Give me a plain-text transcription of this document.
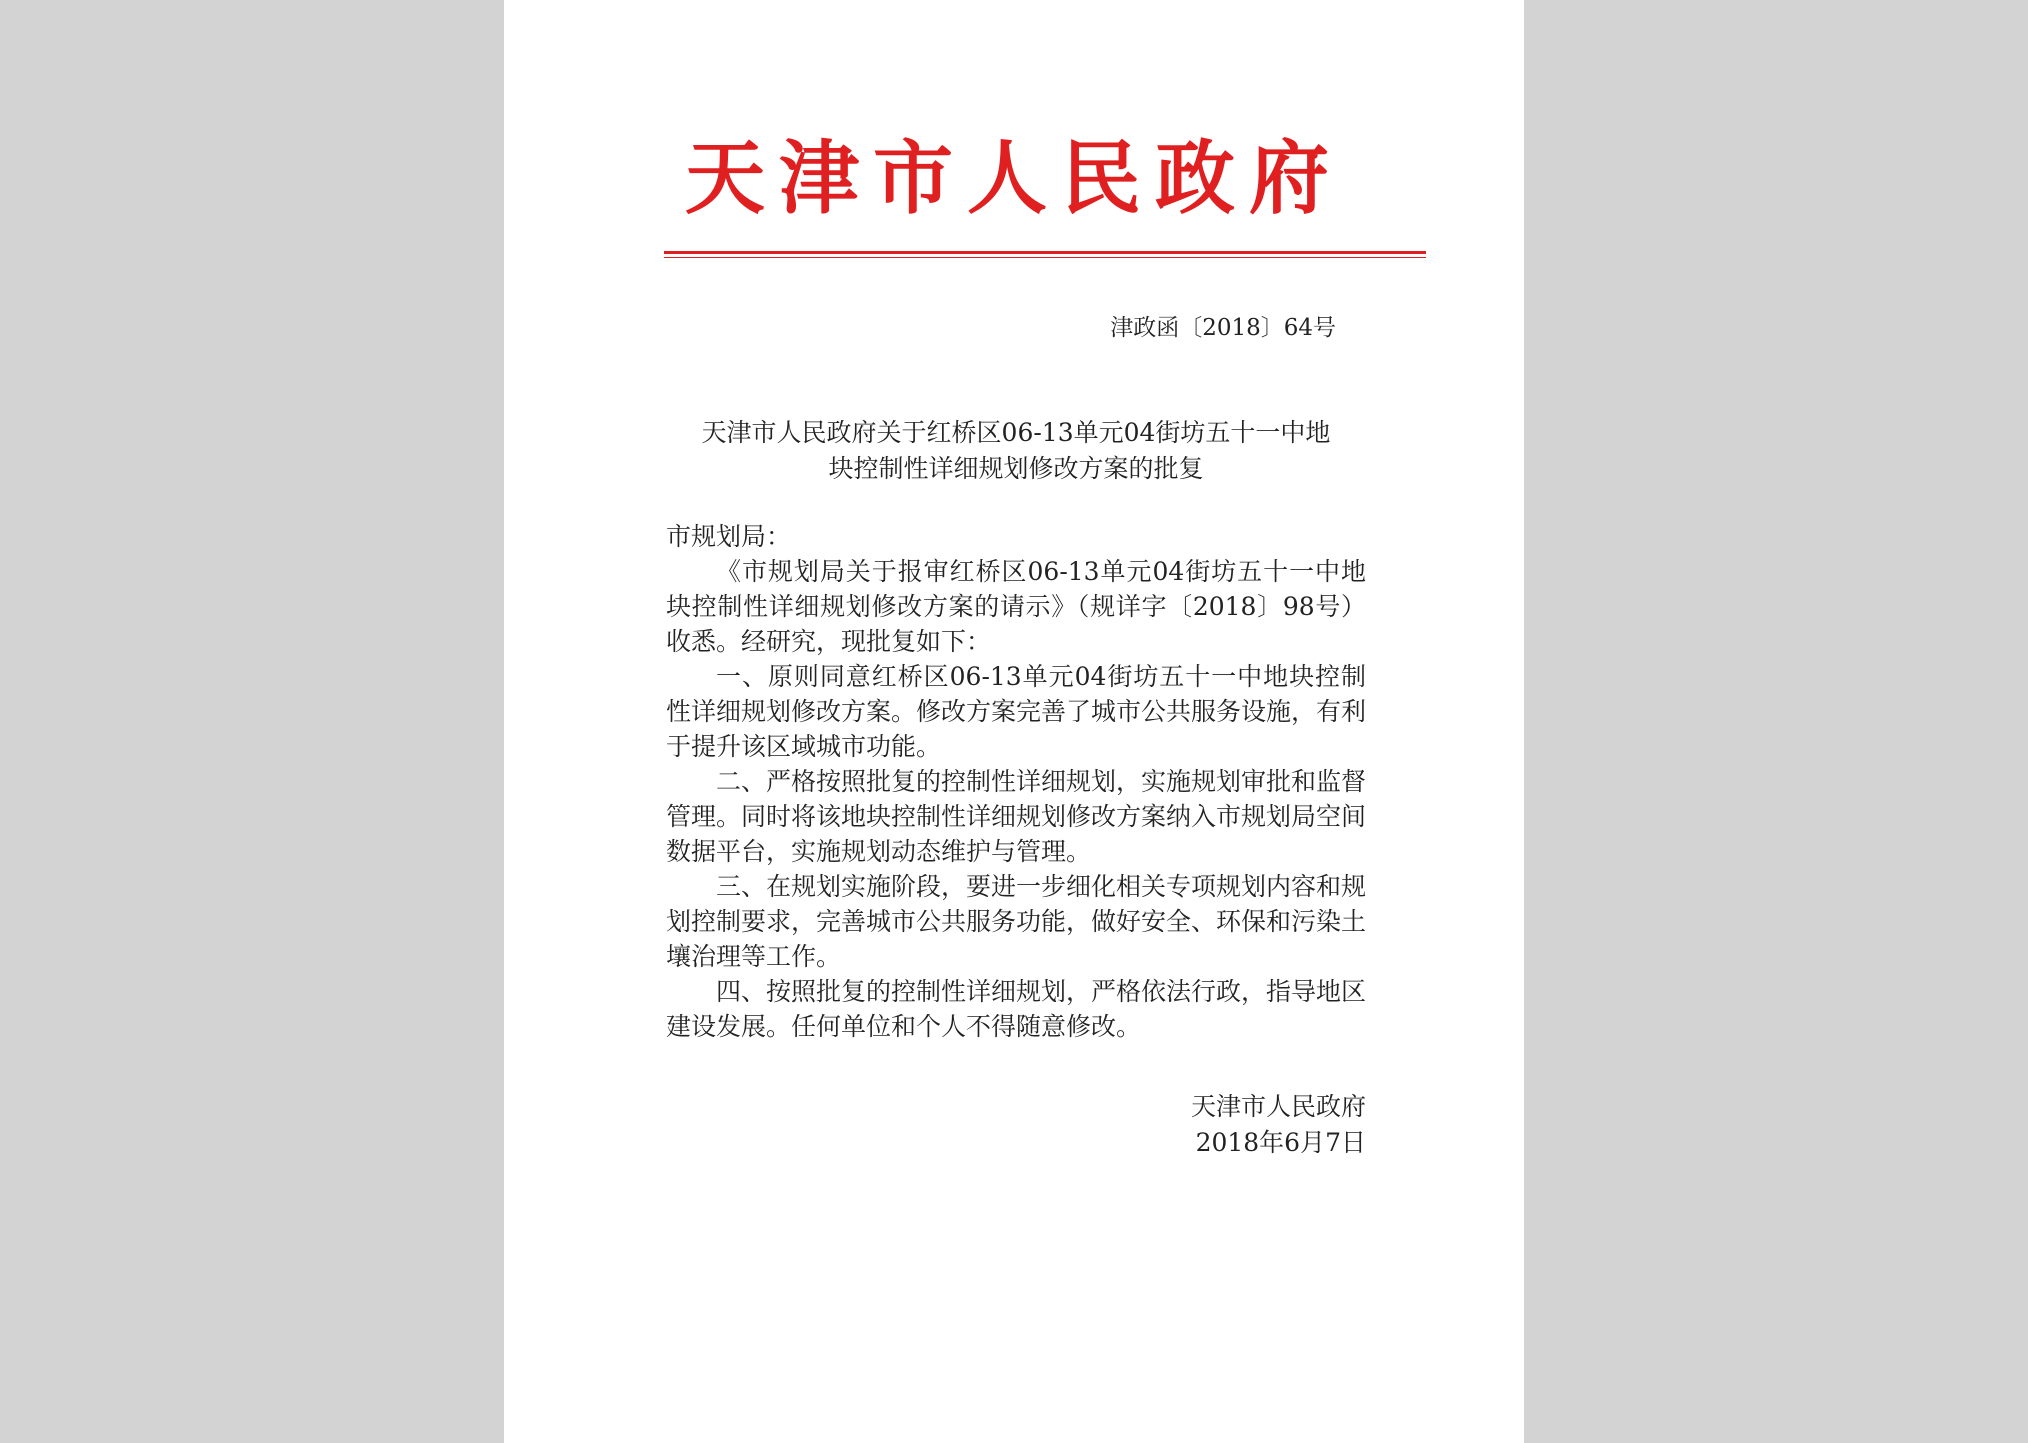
天津市人民政府
津政函〔2018〕64号
天津市人民政府关于红桥区06-13单元04街坊五十一中地
块控制性详细规划修改方案的批复

市规划局：

《市规划局关于报审红桥区06-13单元04街坊五十一中地块控制性详细规划修改方案的请示》（规详字〔2018〕98号）收悉。经研究，现批复如下：

一、原则同意红桥区06-13单元04街坊五十一中地块控制性详细规划修改方案。修改方案完善了城市公共服务设施，有利于提升该区域城市功能。

二、严格按照批复的控制性详细规划，实施规划审批和监督管理。同时将该地块控制性详细规划修改方案纳入市规划局空间数据平台，实施规划动态维护与管理。

三、在规划实施阶段，要进一步细化相关专项规划内容和规划控制要求，完善城市公共服务功能，做好安全、环保和污染土壤治理等工作。

四、按照批复的控制性详细规划，严格依法行政，指导地区建设发展。任何单位和个人不得随意修改。

天津市人民政府
2018年6月7日
